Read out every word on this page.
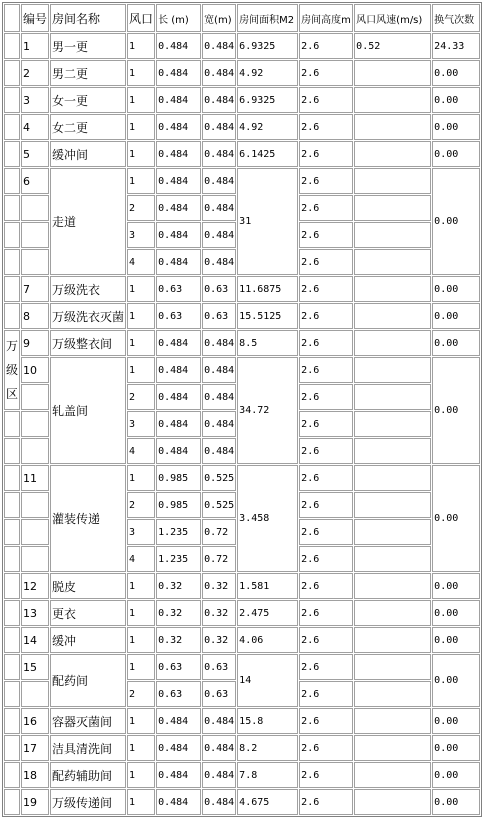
	编号	房间名称	风口	长 (m)	宽(m)	房间面积M2	房间高度m	风口风速(m/s)	换气次数
	1	男一更	1	0.484	0.484	6.9325	2.6	0.52	24.33
	2	男二更	1	0.484	0.484	4.92	2.6		0.00
	3	女一更	1	0.484	0.484	6.9325	2.6		0.00
	4	女二更	1	0.484	0.484	4.92	2.6		0.00
	5	缓冲间	1	0.484	0.484	6.1425	2.6		0.00
	6	走道	1	0.484	0.484	31	2.6		0.00
			2	0.484	0.484		2.6		
			3	0.484	0.484		2.6		
			4	0.484	0.484		2.6		
	7	万级洗衣	1	0.63	0.63	11.6875	2.6		0.00
	8	万级洗衣灭菌	1	0.63	0.63	15.5125	2.6		0.00
万级区	9	万级整衣间	1	0.484	0.484	8.5	2.6		0.00
	10	轧盖间	1	0.484	0.484	34.72	2.6		0.00
			2	0.484	0.484		2.6		
			3	0.484	0.484		2.6		
			4	0.484	0.484		2.6		
	11	灌装传递	1	0.985	0.525	3.458	2.6		0.00
			2	0.985	0.525		2.6		
			3	1.235	0.72		2.6		
			4	1.235	0.72		2.6		
	12	脱皮	1	0.32	0.32	1.581	2.6		0.00
	13	更衣	1	0.32	0.32	2.475	2.6		0.00
	14	缓冲	1	0.32	0.32	4.06	2.6		0.00
	15	配药间	1	0.63	0.63	14	2.6		0.00
			2	0.63	0.63		2.6		
	16	容器灭菌间	1	0.484	0.484	15.8	2.6		0.00
	17	洁具清洗间	1	0.484	0.484	8.2	2.6		0.00
	18	配药辅助间	1	0.484	0.484	7.8	2.6		0.00
	19	万级传递间	1	0.484	0.484	4.675	2.6		0.00
